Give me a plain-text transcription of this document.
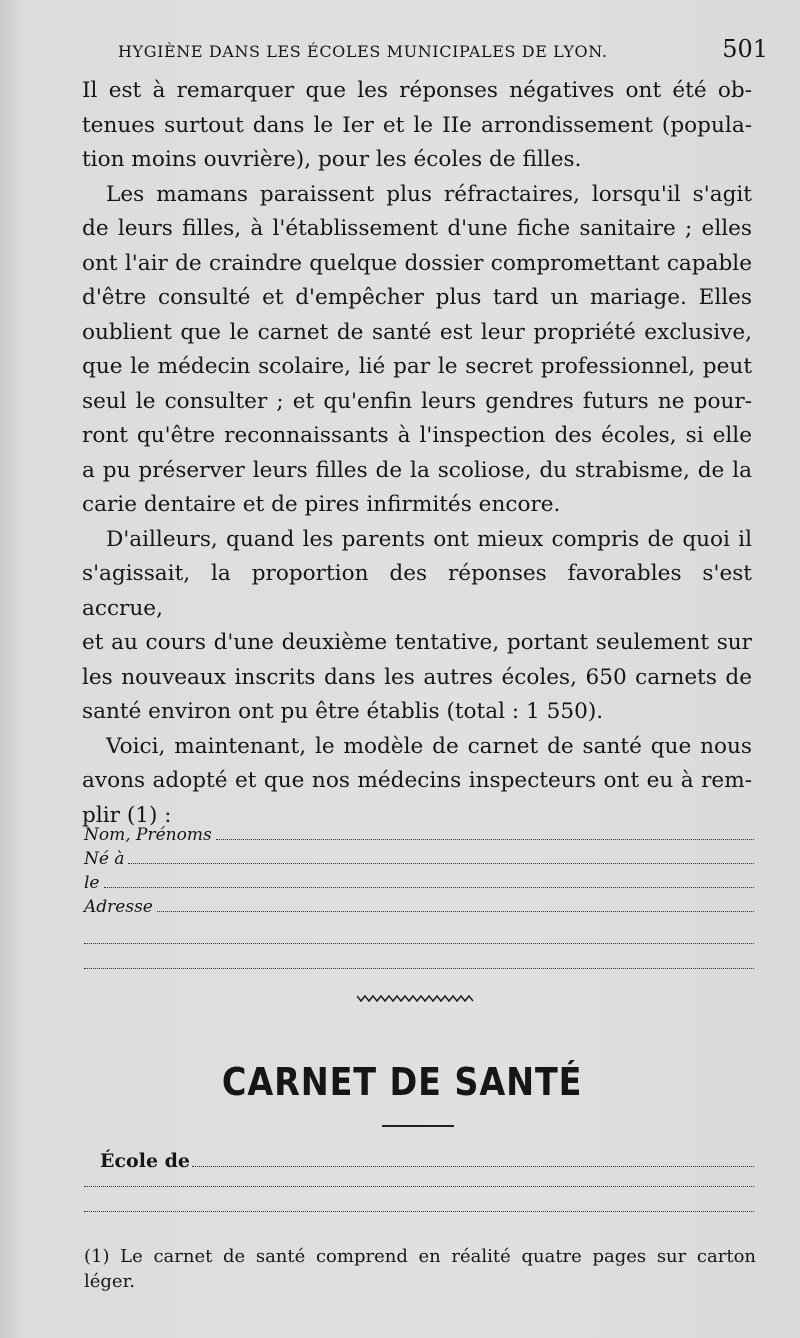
HYGIÈNE DANS LES ÉCOLES MUNICIPALES DE LYON.	501

Il est à remarquer que les réponses négatives ont été ob-

tenues surtout dans le Ier et le IIe arrondissement (popula-

tion moins ouvrière), pour les écoles de filles.

Les mamans paraissent plus réfractaires, lorsqu'il s'agit

de leurs filles, à l'établissement d'une fiche sanitaire ; elles

ont l'air de craindre quelque dossier compromettant capable

d'être consulté et d'empêcher plus tard un mariage. Elles

oublient que le carnet de santé est leur propriété exclusive,

que le médecin scolaire, lié par le secret professionnel, peut

seul le consulter ; et qu'enfin leurs gendres futurs ne pour-

ront qu'être reconnaissants à l'inspection des écoles, si elle

a pu préserver leurs filles de la scoliose, du strabisme, de la

carie dentaire et de pires infirmités encore.

D'ailleurs, quand les parents ont mieux compris de quoi il

s'agissait, la proportion des réponses favorables s'est accrue,

et au cours d'une deuxième tentative, portant seulement sur

les nouveaux inscrits dans les autres écoles, 650 carnets de

santé environ ont pu être établis (total : 1 550).

Voici, maintenant, le modèle de carnet de santé que nous

avons adopté et que nos médecins inspecteurs ont eu à rem-

plir (1) :

Nom, Prénoms
Né à
le
Adresse
CARNET DE SANTÉ
École de

(1) Le carnet de santé comprend en réalité quatre pages sur carton

léger.
